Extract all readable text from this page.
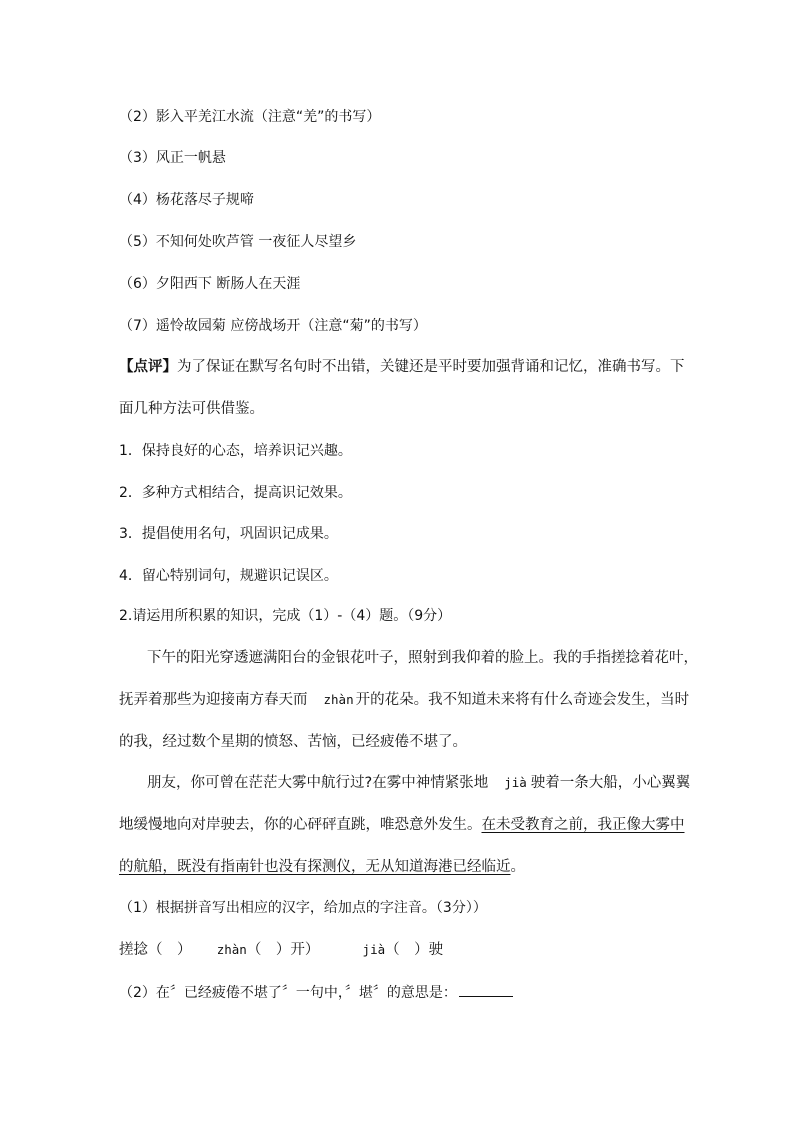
（2）影入平羌江水流（注意“羌”的书写）
（3）风正一帆悬
（4）杨花落尽子规啼
（5）不知何处吹芦管 一夜征人尽望乡
（6）夕阳西下 断肠人在天涯
（7）遥怜故园菊 应傍战场开（注意“菊”的书写）
【点评】为了保证在默写名句时不出错，关键还是平时要加强背诵和记忆，准确书写。下
面几种方法可供借鉴。
1．保持良好的心态，培养识记兴趣。
2．多种方式相结合，提高识记效果。
3．提倡使用名句，巩固识记成果。
4．留心特别词句，规避识记误区。
2.请运用所积累的知识，完成（1）-（4）题。（9分）
下午的阳光穿透遮满阳台的金银花叶子，照射到我仰着的脸上。我的手指搓捻着花叶，
抚弄着那些为迎接南方春天而 zhàn 开的花朵。我不知道未来将有什么奇迹会发生，当时
的我，经过数个星期的愤怒、苦恼，已经疲倦不堪了。
朋友，你可曾在茫茫大雾中航行过?在雾中神情紧张地 jià 驶着一条大船，小心翼翼
地缓慢地向对岸驶去，你的心砰砰直跳，唯恐意外发生。在未受教育之前，我正像大雾中
的航船，既没有指南针也没有探测仪，无从知道海港已经临近。
（1）根据拼音写出相应的汉字，给加点的字注音。（3分））
搓捻（　） zhàn（　）开）	jià（　）驶
（2）在〞已经疲倦不堪了〞一句中，〞堪〞的意思是：
